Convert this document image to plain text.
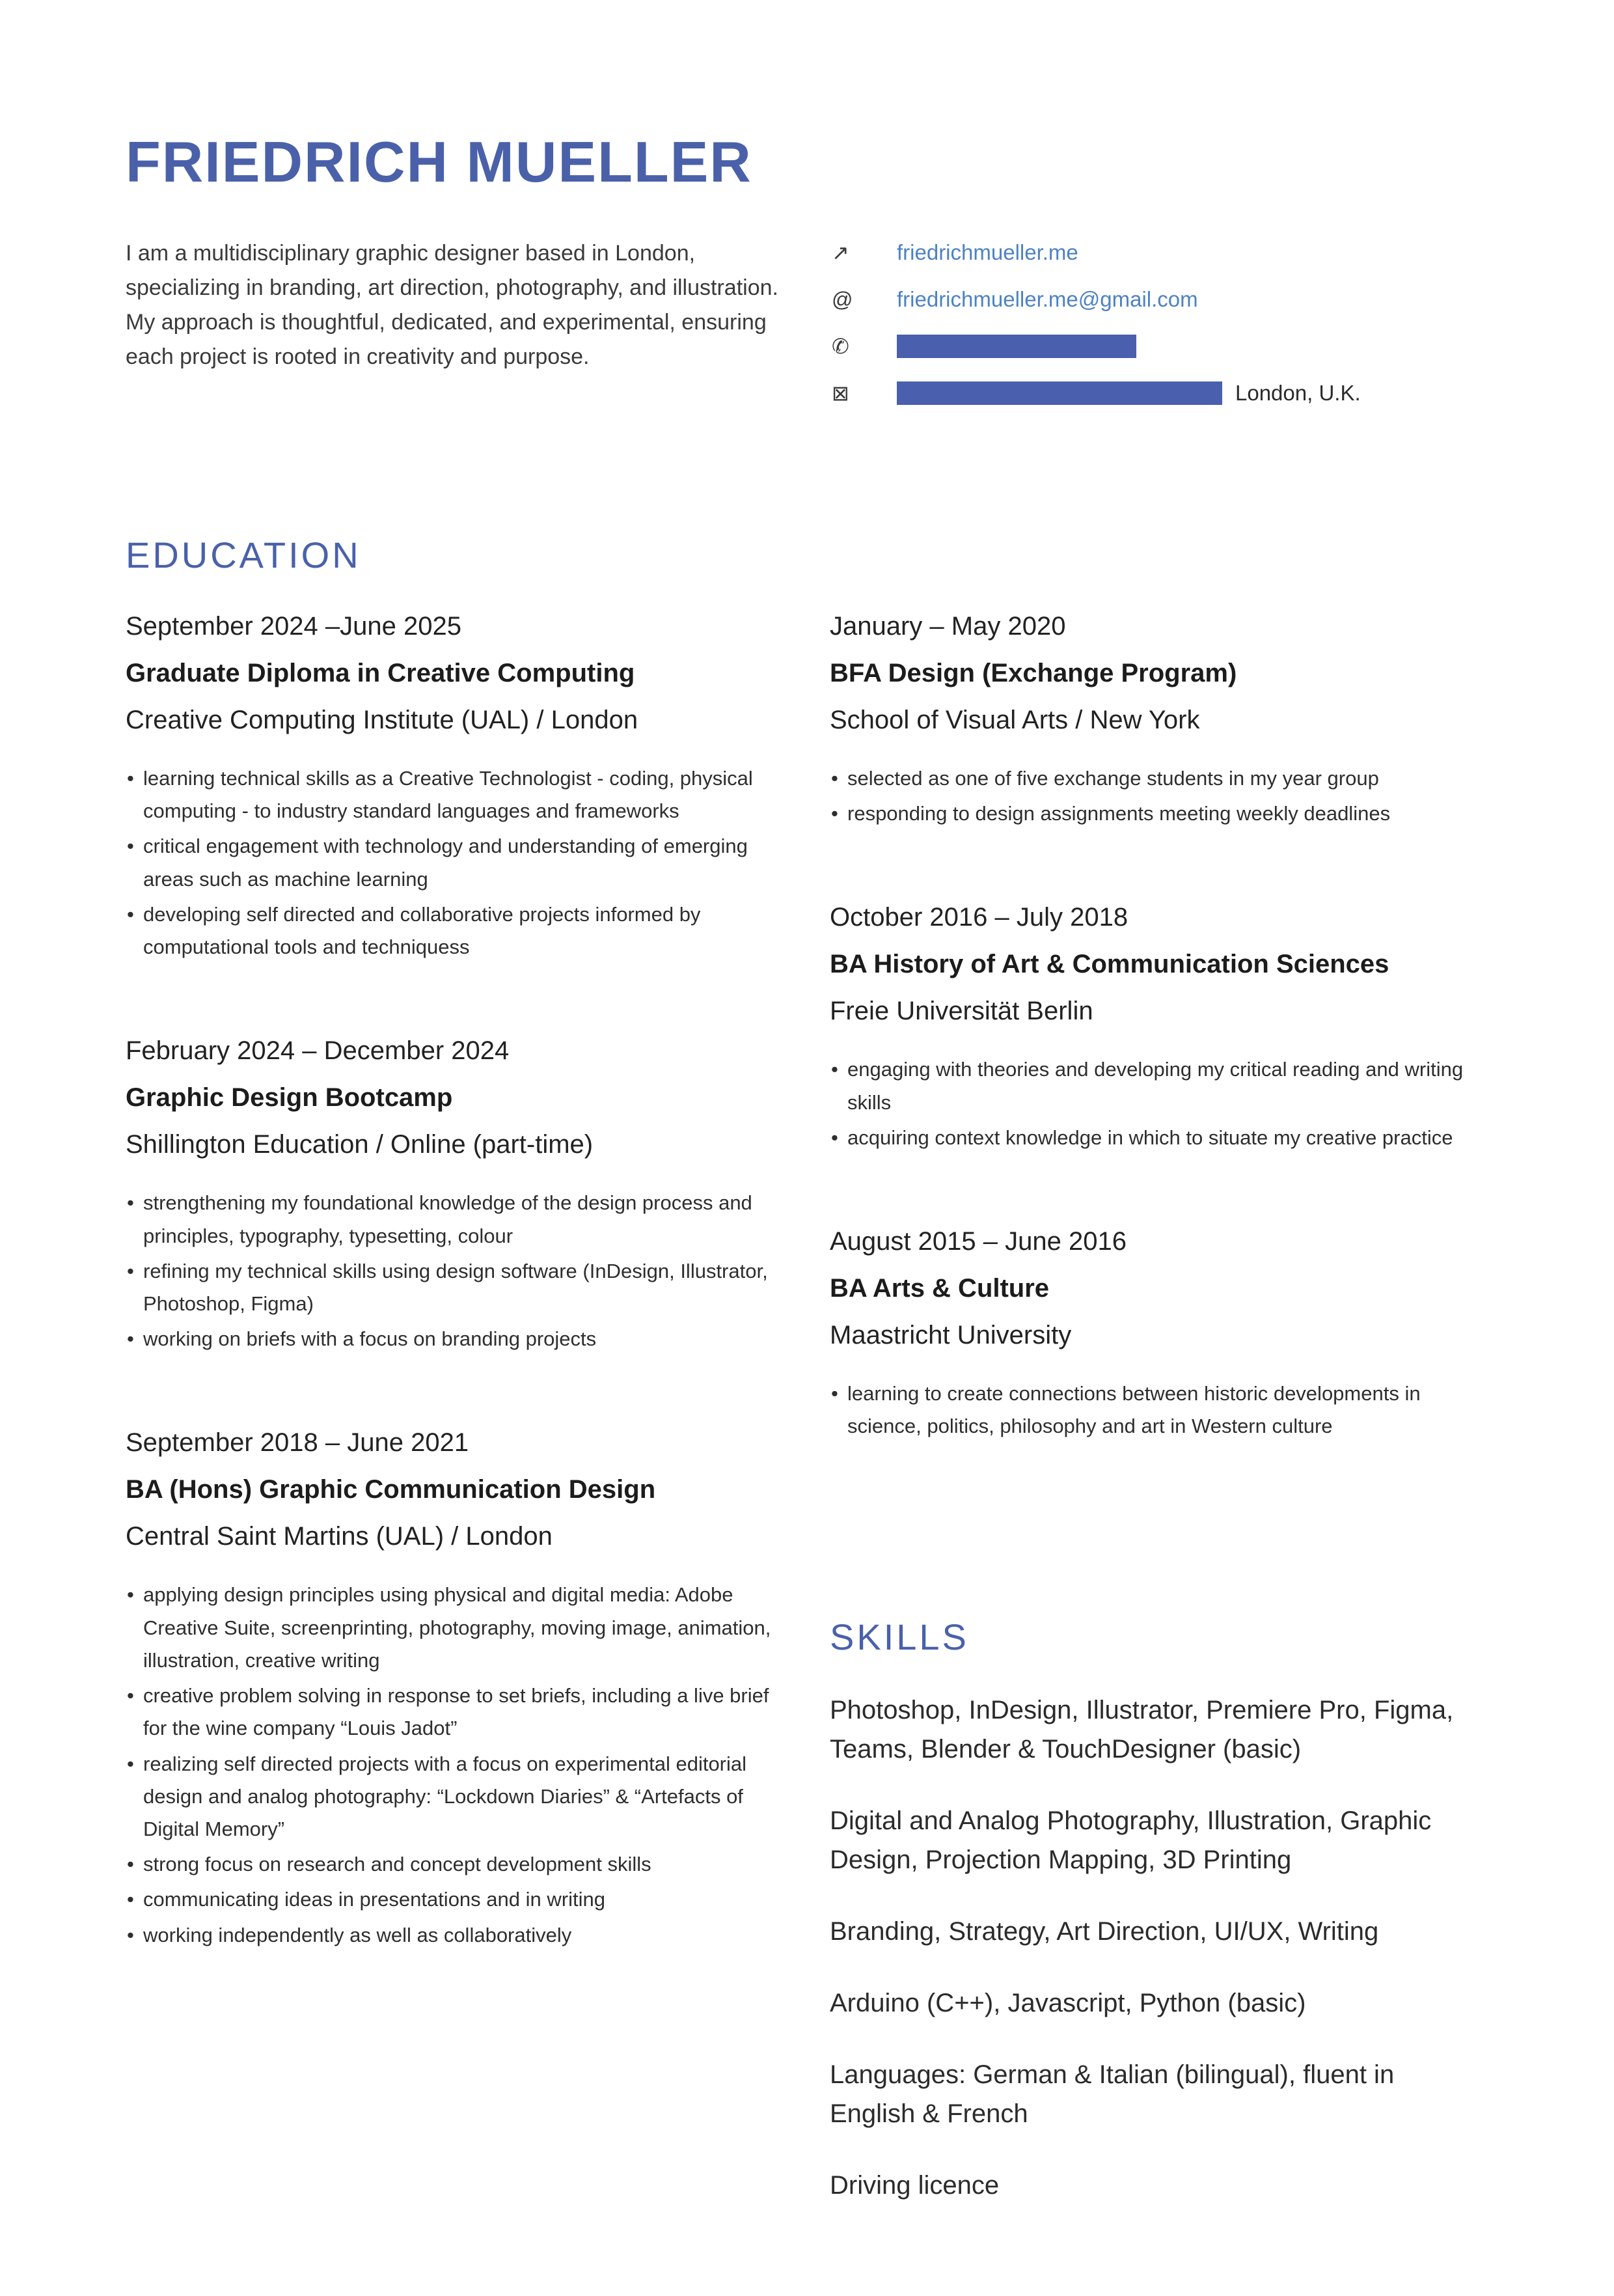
FRIEDRICH MUELLER

I am a multidisciplinary graphic designer based in London, specializing in branding, art direction, photography, and illustration. My approach is thoughtful, dedicated, and experimental, ensuring each project is rooted in creativity and purpose.

↗	friedrichmueller.me
@	friedrichmueller.me@gmail.com
✆
⊠	London, U.K.
EDUCATION
September 2024 –June 2025
Graduate Diploma in Creative Computing
Creative Computing Institute (UAL) / London
• learning technical skills as a Creative Technologist - coding, physical computing - to industry standard languages and frameworks
• critical engagement with technology and understanding of emerging areas such as machine learning
• developing self directed and collaborative projects informed by computational tools and techniquess
February 2024 – December 2024
Graphic Design Bootcamp
Shillington Education / Online (part-time)
• strengthening my foundational knowledge of the design process and principles, typography, typesetting, colour
• refining my technical skills using design software (InDesign, Illustrator, Photoshop, Figma)
• working on briefs with a focus on branding projects
September 2018 – June 2021
BA (Hons) Graphic Communication Design
Central Saint Martins (UAL) / London
• applying design principles using physical and digital media: Adobe Creative Suite, screenprinting, photography, moving image, animation, illustration, creative writing
• creative problem solving in response to set briefs, including a live brief for the wine company “Louis Jadot”
• realizing self directed projects with a focus on experimental editorial design and analog photography: “Lockdown Diaries” & “Artefacts of Digital Memory”
• strong focus on research and concept development skills
• communicating ideas in presentations and in writing
• working independently as well as collaboratively
January – May 2020
BFA Design (Exchange Program)
School of Visual Arts / New York
• selected as one of five exchange students in my year group
• responding to design assignments meeting weekly deadlines
October 2016 – July 2018
BA History of Art & Communication Sciences
Freie Universität Berlin
• engaging with theories and developing my critical reading and writing skills
• acquiring context knowledge in which to situate my creative practice
August 2015 – June 2016
BA Arts & Culture
Maastricht University
• learning to create connections between historic developments in science, politics, philosophy and art in Western culture
SKILLS

Photoshop, InDesign, Illustrator, Premiere Pro, Figma, Teams, Blender & TouchDesigner (basic)

Digital and Analog Photography, Illustration, Graphic Design, Projection Mapping, 3D Printing

Branding, Strategy, Art Direction, UI/UX, Writing

Arduino (C++), Javascript, Python (basic)

Languages: German & Italian (bilingual), fluent in English & French

Driving licence
